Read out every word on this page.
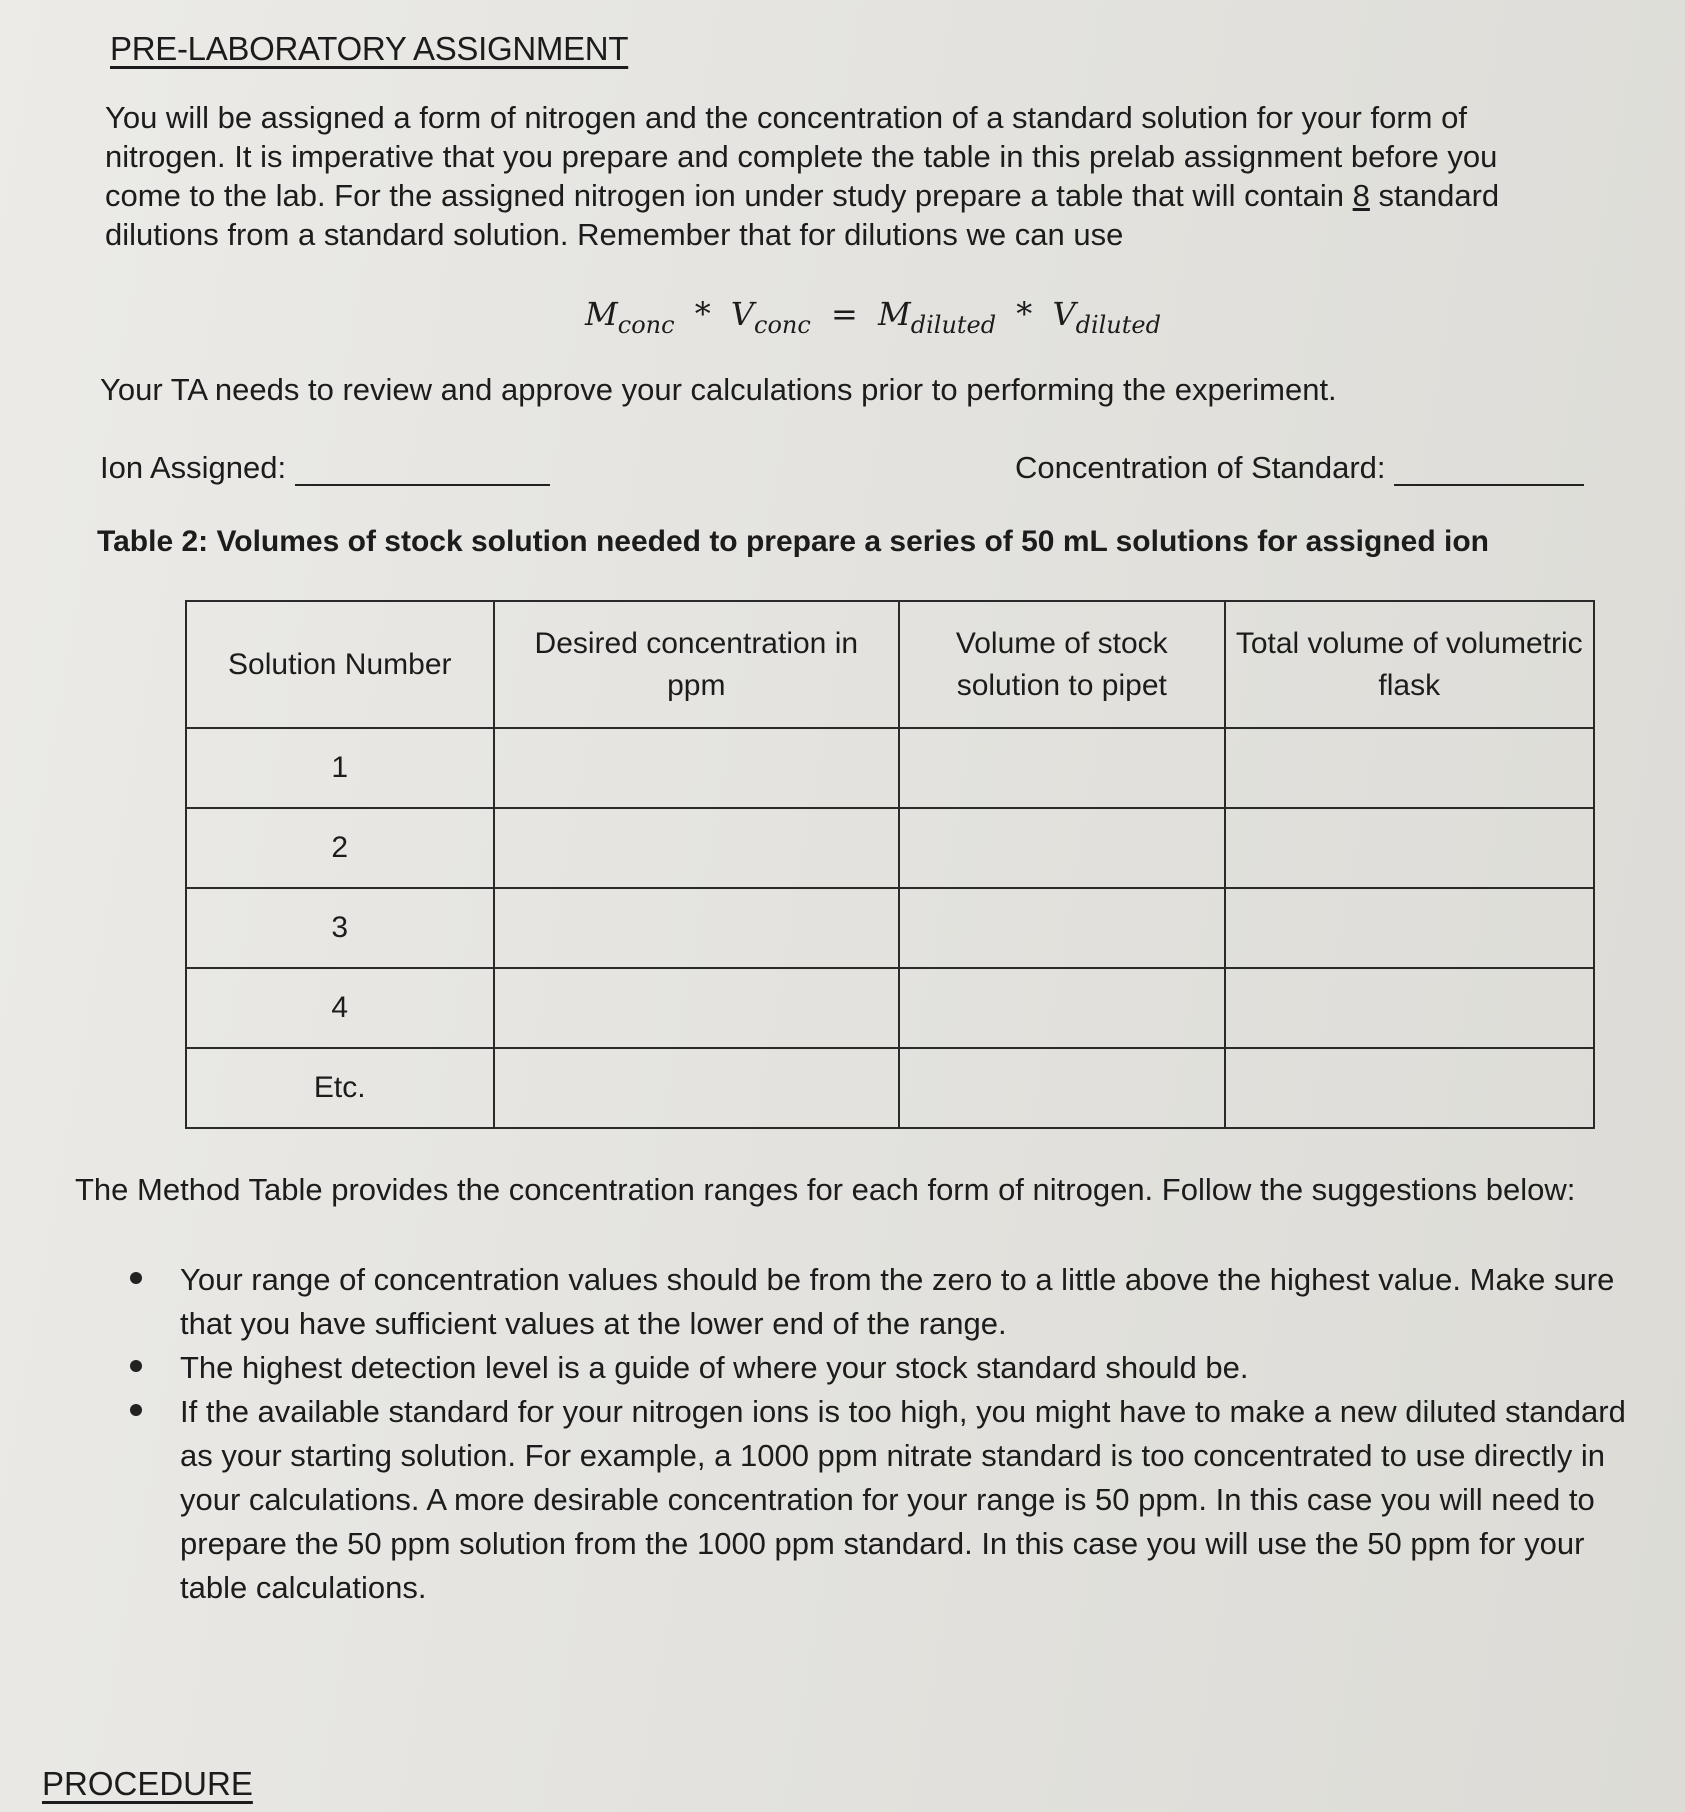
PRE-LABORATORY ASSIGNMENT

You will be assigned a form of nitrogen and the concentration of a standard solution for your form of nitrogen. It is imperative that you prepare and complete the table in this prelab assignment before you come to the lab. For the assigned nitrogen ion under study prepare a table that will contain 8 standard dilutions from a standard solution. Remember that for dilutions we can use

$M_{conc} * V_{conc} = M_{diluted} * V_{diluted}$
Your TA needs to review and approve your calculations prior to performing the experiment.
Ion Assigned:	Concentration of Standard:
Table 2: Volumes of stock solution needed to prepare a series of 50 mL solutions for assigned ion
Solution Number	Desired concentration in ppm	Volume of stock solution to pipet	Total volume of volumetric flask
1			
2			
3			
4			
Etc.			
The Method Table provides the concentration ranges for each form of nitrogen. Follow the suggestions below:
Your range of concentration values should be from the zero to a little above the highest value. Make sure that you have sufficient values at the lower end of the range.
The highest detection level is a guide of where your stock standard should be.
If the available standard for your nitrogen ions is too high, you might have to make a new diluted standard as your starting solution. For example, a 1000 ppm nitrate standard is too concentrated to use directly in your calculations. A more desirable concentration for your range is 50 ppm. In this case you will need to prepare the 50 ppm solution from the 1000 ppm standard. In this case you will use the 50 ppm for your table calculations.
PROCEDURE
